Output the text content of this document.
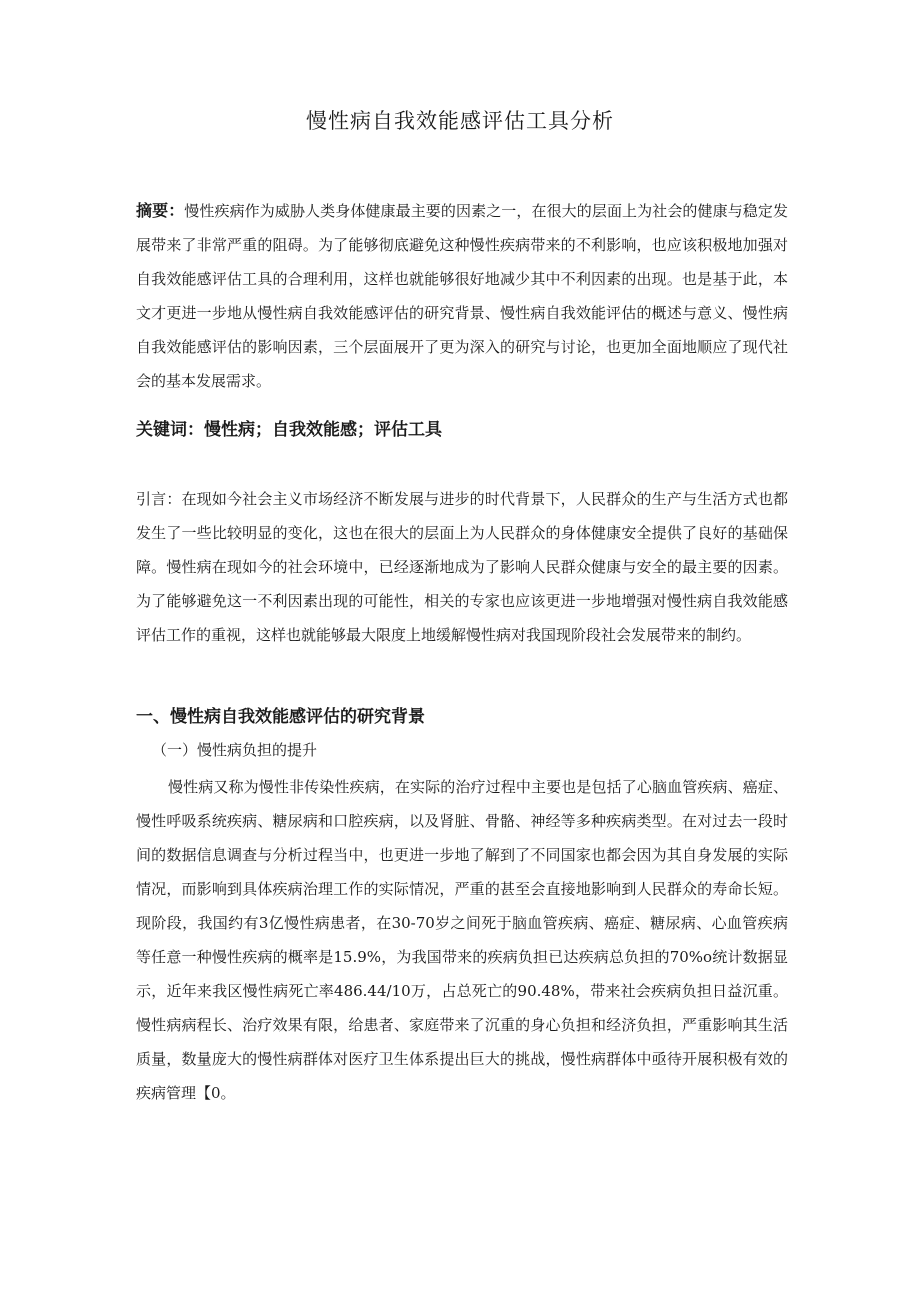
慢性病自我效能感评估工具分析

摘要：慢性疾病作为威胁人类身体健康最主要的因素之一，在很大的层面上为社会的健康与稳定发展带来了非常严重的阻碍。为了能够彻底避免这种慢性疾病带来的不利影响，也应该积极地加强对自我效能感评估工具的合理利用，这样也就能够很好地减少其中不利因素的出现。也是基于此，本文才更进一步地从慢性病自我效能感评估的研究背景、慢性病自我效能评估的概述与意义、慢性病自我效能感评估的影响因素，三个层面展开了更为深入的研究与讨论，也更加全面地顺应了现代社会的基本发展需求。

关键词：慢性病；自我效能感；评估工具

引言：在现如今社会主义市场经济不断发展与进步的时代背景下，人民群众的生产与生活方式也都发生了一些比较明显的变化，这也在很大的层面上为人民群众的身体健康安全提供了良好的基础保障。慢性病在现如今的社会环境中，已经逐渐地成为了影响人民群众健康与安全的最主要的因素。为了能够避免这一不利因素出现的可能性，相关的专家也应该更进一步地增强对慢性病自我效能感评估工作的重视，这样也就能够最大限度上地缓解慢性病对我国现阶段社会发展带来的制约。

一、慢性病自我效能感评估的研究背景
（一）慢性病负担的提升

慢性病又称为慢性非传染性疾病，在实际的治疗过程中主要也是包括了心脑血管疾病、癌症、慢性呼吸系统疾病、糖尿病和口腔疾病，以及肾脏、骨骼、神经等多种疾病类型。在对过去一段时间的数据信息调查与分析过程当中，也更进一步地了解到了不同国家也都会因为其自身发展的实际情况，而影响到具体疾病治理工作的实际情况，严重的甚至会直接地影响到人民群众的寿命长短。现阶段，我国约有3亿慢性病患者，在30-70岁之间死于脑血管疾病、癌症、糖尿病、心血管疾病等任意一种慢性疾病的概率是15.9%，为我国带来的疾病负担已达疾病总负担的70%o统计数据显示，近年来我区慢性病死亡率486.44/10万，占总死亡的90.48%，带来社会疾病负担日益沉重。慢性病病程长、治疗效果有限，给患者、家庭带来了沉重的身心负担和经济负担，严重影响其生活质量，数量庞大的慢性病群体对医疗卫生体系提出巨大的挑战，慢性病群体中亟待开展积极有效的疾病管理【0。
